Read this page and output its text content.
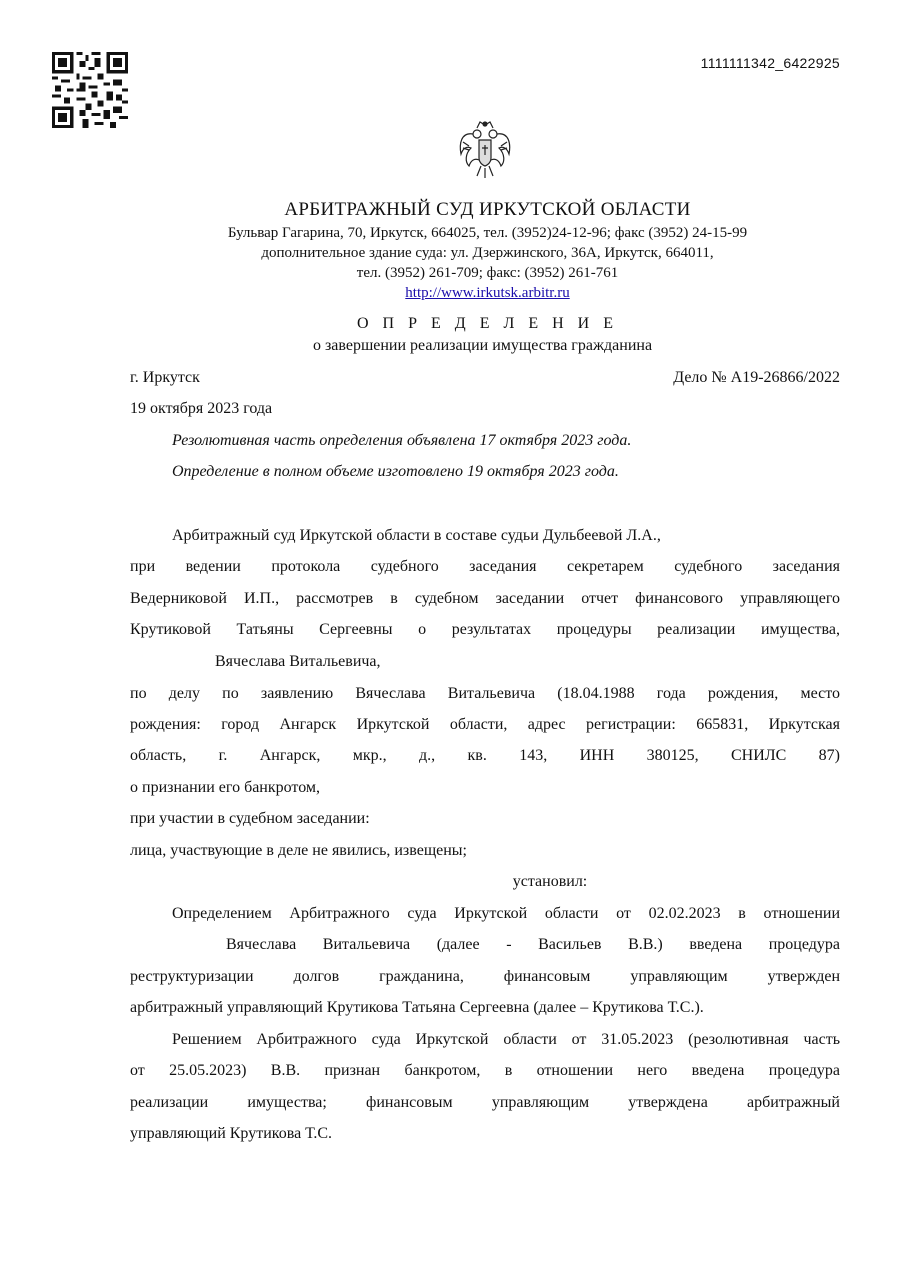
1111111342_6422925
АРБИТРАЖНЫЙ СУД ИРКУТСКОЙ ОБЛАСТИ
Бульвар Гагарина, 70, Иркутск, 664025, тел. (3952)24-12-96; факс (3952) 24-15-99
дополнительное здание суда: ул. Дзержинского, 36А, Иркутск, 664011,
тел. (3952) 261-709; факс: (3952) 261-761
http://www.irkutsk.arbitr.ru
О П Р Е Д Е Л Е Н И Е
о завершении реализации имущества гражданина
г. Иркутск	Дело № А19-26866/2022
19 октября 2023 года
Резолютивная часть определения объявлена 17 октября 2023 года.
Определение в полном объеме изготовлено 19 октября 2023 года.
Арбитражный суд Иркутской области в составе судьи Дульбеевой Л.А.,
при ведении протокола судебного заседания секретарем судебного заседания
Ведерниковой И.П., рассмотрев в судебном заседании отчет финансового управляющего
Крутиковой Татьяны Сергеевны о результатах процедуры реализации имущества,
Вячеслава Витальевича,
по делу по заявлению Вячеслава Витальевича (18.04.1988 года рождения, место
рождения: город Ангарск Иркутской области, адрес регистрации: 665831, Иркутская
область, г. Ангарск, мкр., д., кв. 143, ИНН 380125, СНИЛС 87)
о признании его банкротом,
при участии в судебном заседании:
лица, участвующие в деле не явились, извещены;
установил:
Определением Арбитражного суда Иркутской области от 02.02.2023 в отношении
Вячеслава Витальевича (далее - Васильев В.В.) введена процедура
реструктуризации долгов гражданина, финансовым управляющим утвержден
арбитражный управляющий Крутикова Татьяна Сергеевна (далее – Крутикова Т.С.).
Решением Арбитражного суда Иркутской области от 31.05.2023 (резолютивная часть
от 25.05.2023) В.В. признан банкротом, в отношении него введена процедура
реализации имущества; финансовым управляющим утверждена арбитражный
управляющий Крутикова Т.С.
